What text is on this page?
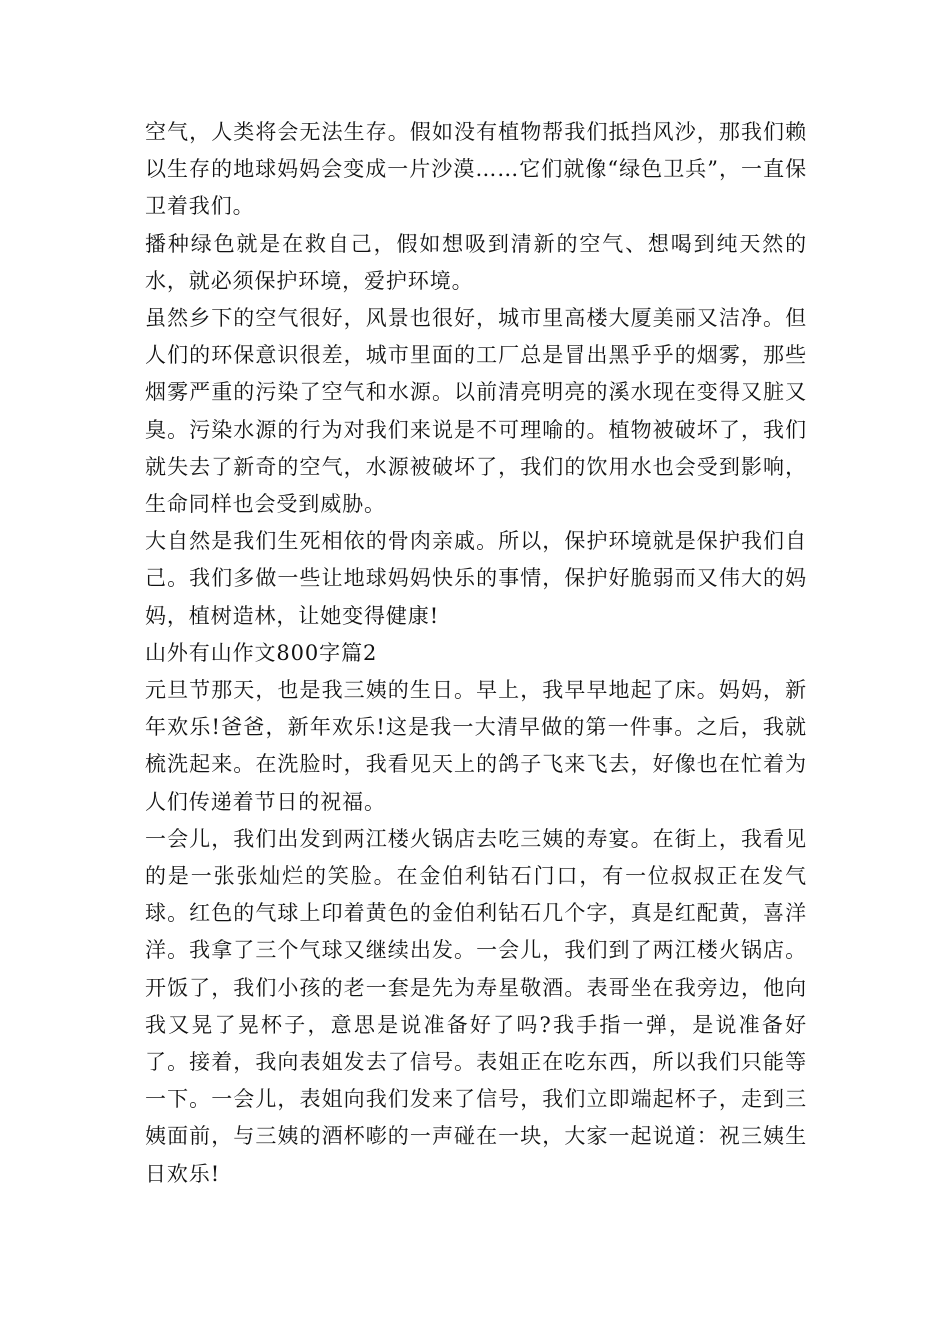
空气，人类将会无法生存。假如没有植物帮我们抵挡风沙，那我们赖以生存的地球妈妈会变成一片沙漠……它们就像“绿色卫兵”，一直保卫着我们。

播种绿色就是在救自己，假如想吸到清新的空气、想喝到纯天然的水，就必须保护环境，爱护环境。

虽然乡下的空气很好，风景也很好，城市里高楼大厦美丽又洁净。但人们的环保意识很差，城市里面的工厂总是冒出黑乎乎的烟雾，那些烟雾严重的污染了空气和水源。以前清亮明亮的溪水现在变得又脏又臭。污染水源的行为对我们来说是不可理喻的。植物被破坏了，我们就失去了新奇的空气，水源被破坏了，我们的饮用水也会受到影响，生命同样也会受到威胁。

大自然是我们生死相依的骨肉亲戚。所以，保护环境就是保护我们自己。我们多做一些让地球妈妈快乐的事情，保护好脆弱而又伟大的妈妈，植树造林，让她变得健康!

山外有山作文800字篇2

元旦节那天，也是我三姨的生日。早上，我早早地起了床。妈妈，新年欢乐!爸爸，新年欢乐!这是我一大清早做的第一件事。之后，我就梳洗起来。在洗脸时，我看见天上的鸽子飞来飞去，好像也在忙着为人们传递着节日的祝福。

一会儿，我们出发到两江楼火锅店去吃三姨的寿宴。在街上，我看见的是一张张灿烂的笑脸。在金伯利钻石门口，有一位叔叔正在发气球。红色的气球上印着黄色的金伯利钻石几个字，真是红配黄，喜洋洋。我拿了三个气球又继续出发。一会儿，我们到了两江楼火锅店。开饭了，我们小孩的老一套是先为寿星敬酒。表哥坐在我旁边，他向我又晃了晃杯子，意思是说准备好了吗?我手指一弹，是说准备好了。接着，我向表姐发去了信号。表姐正在吃东西，所以我们只能等一下。一会儿，表姐向我们发来了信号，我们立即端起杯子，走到三姨面前，与三姨的酒杯嘭的一声碰在一块，大家一起说道：祝三姨生日欢乐!
